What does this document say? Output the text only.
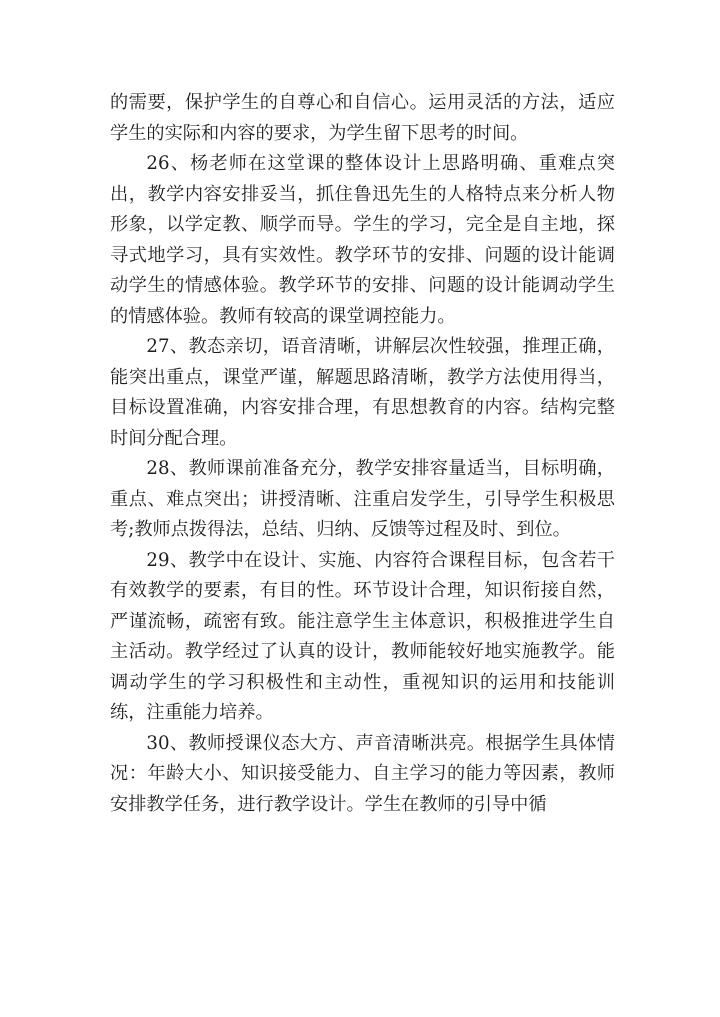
的需要，保护学生的自尊心和自信心。运用灵活的方法，适应学生的实际和内容的要求，为学生留下思考的时间。

26、杨老师在这堂课的整体设计上思路明确、重难点突出，教学内容安排妥当，抓住鲁迅先生的人格特点来分析人物形象，以学定教、顺学而导。学生的学习，完全是自主地，探寻式地学习，具有实效性。教学环节的安排、问题的设计能调动学生的情感体验。教学环节的安排、问题的设计能调动学生的情感体验。教师有较高的课堂调控能力。

27、教态亲切，语音清晰，讲解层次性较强，推理正确，能突出重点，课堂严谨，解题思路清晰，教学方法使用得当，目标设置准确，内容安排合理，有思想教育的内容。结构完整时间分配合理。

28、教师课前准备充分，教学安排容量适当，目标明确，重点、难点突出；讲授清晰、注重启发学生，引导学生积极思考;教师点拨得法，总结、归纳、反馈等过程及时、到位。

29、教学中在设计、实施、内容符合课程目标，包含若干有效教学的要素，有目的性。环节设计合理，知识衔接自然，严谨流畅，疏密有致。能注意学生主体意识，积极推进学生自主活动。教学经过了认真的设计，教师能较好地实施教学。能调动学生的学习积极性和主动性，重视知识的运用和技能训练，注重能力培养。

30、教师授课仪态大方、声音清晰洪亮。根据学生具体情况：年龄大小、知识接受能力、自主学习的能力等因素，教师安排教学任务，进行教学设计。学生在教师的引导中循
